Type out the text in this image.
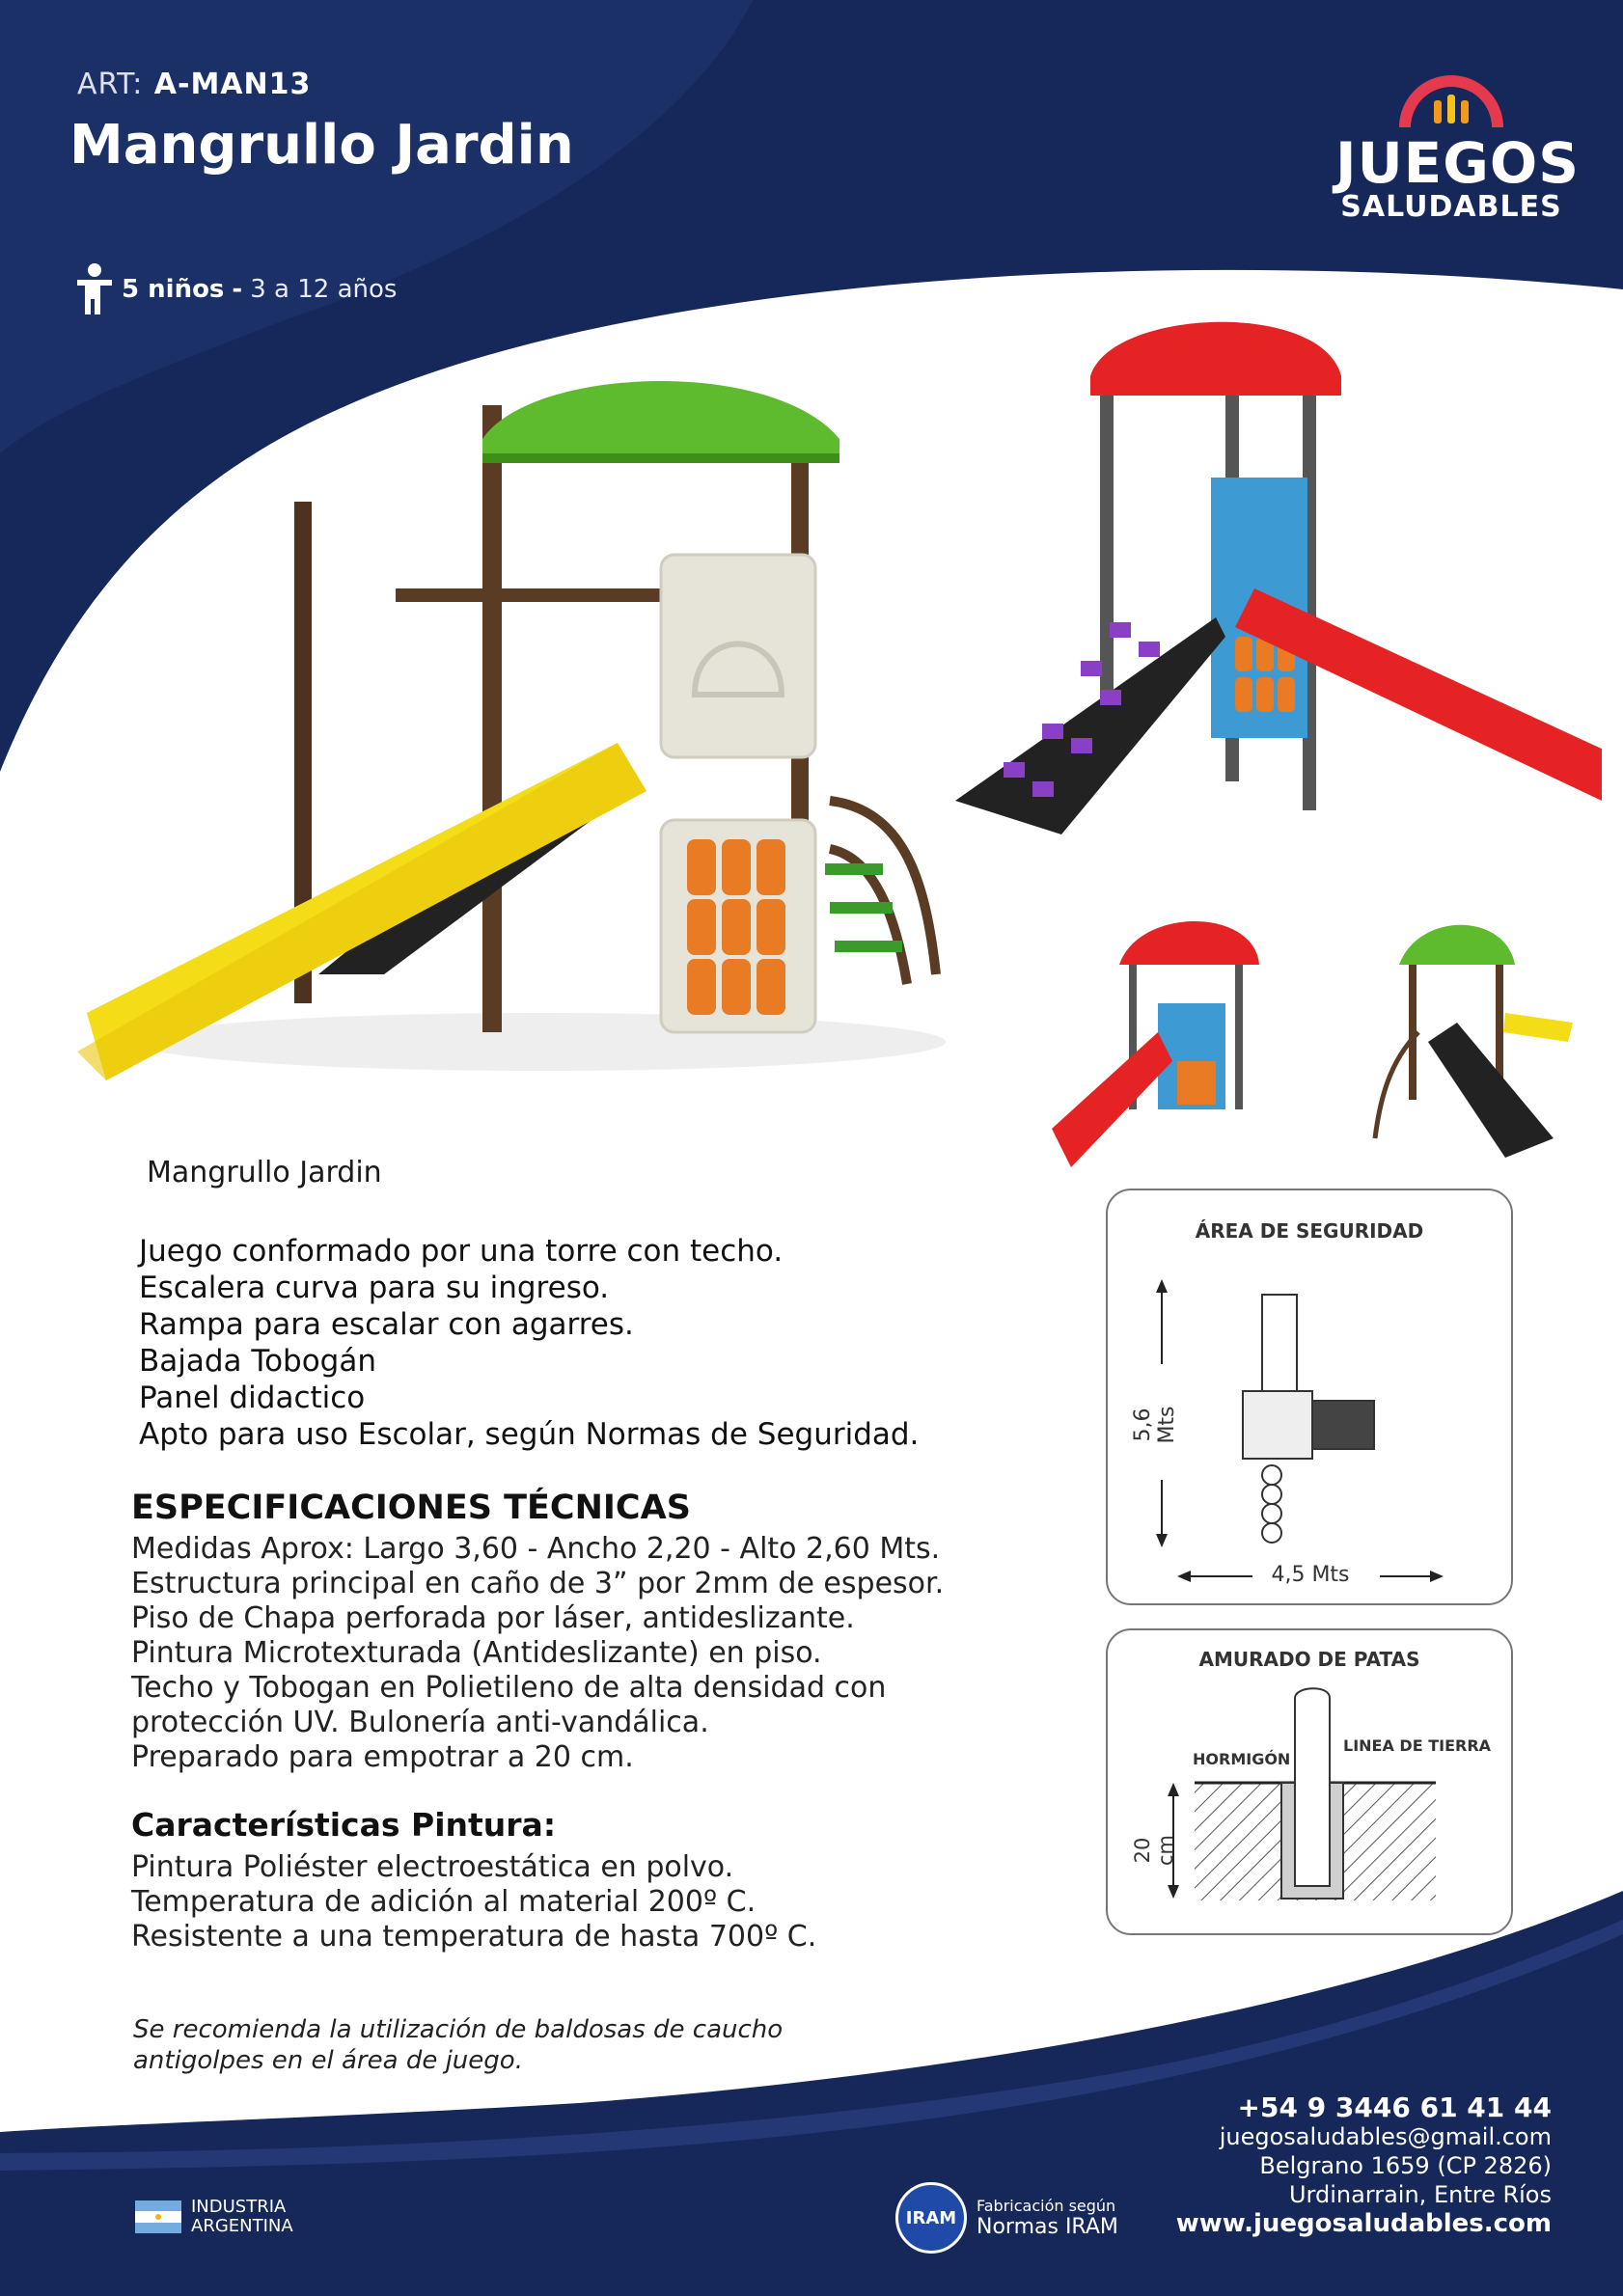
ART: A-MAN13
Mangrullo Jardin
5 niños - 3 a 12 años
JUEGOS
SALUDABLES
Mangrullo Jardin
Juego conformado por una torre con techo.
Escalera curva para su ingreso.
Rampa para escalar con agarres.
Bajada Tobogán
Panel didactico
Apto para uso Escolar, según Normas de Seguridad.
ESPECIFICACIONES TÉCNICAS
Medidas Aprox: Largo 3,60 - Ancho 2,20 - Alto 2,60 Mts.
Estructura principal en caño de 3” por 2mm de espesor.
Piso de Chapa perforada por láser, antideslizante.
Pintura Microtexturada (Antideslizante) en piso.
Techo y Tobogan en Polietileno de alta densidad con
protección UV. Bulonería anti-vandálica.
Preparado para empotrar a 20 cm.
Características Pintura:
Pintura Poliéster electroestática en polvo.
Temperatura de adición al material 200º C.
Resistente a una temperatura de hasta 700º C.
Se recomienda la utilización de baldosas de caucho antigolpes en el área de juego.
ÁREA DE SEGURIDAD
5,6 Mts
4,5 Mts
AMURADO DE PATAS
HORMIGÓN
LINEA DE TIERRA
20 cm
INDUSTRIA
ARGENTINA	IRAM
Fabricación según
Normas IRAM
+54 9 3446 61 41 44
juegosaludables@gmail.com
Belgrano 1659 (CP 2826)
Urdinarrain, Entre Ríos
www.juegosaludables.com
